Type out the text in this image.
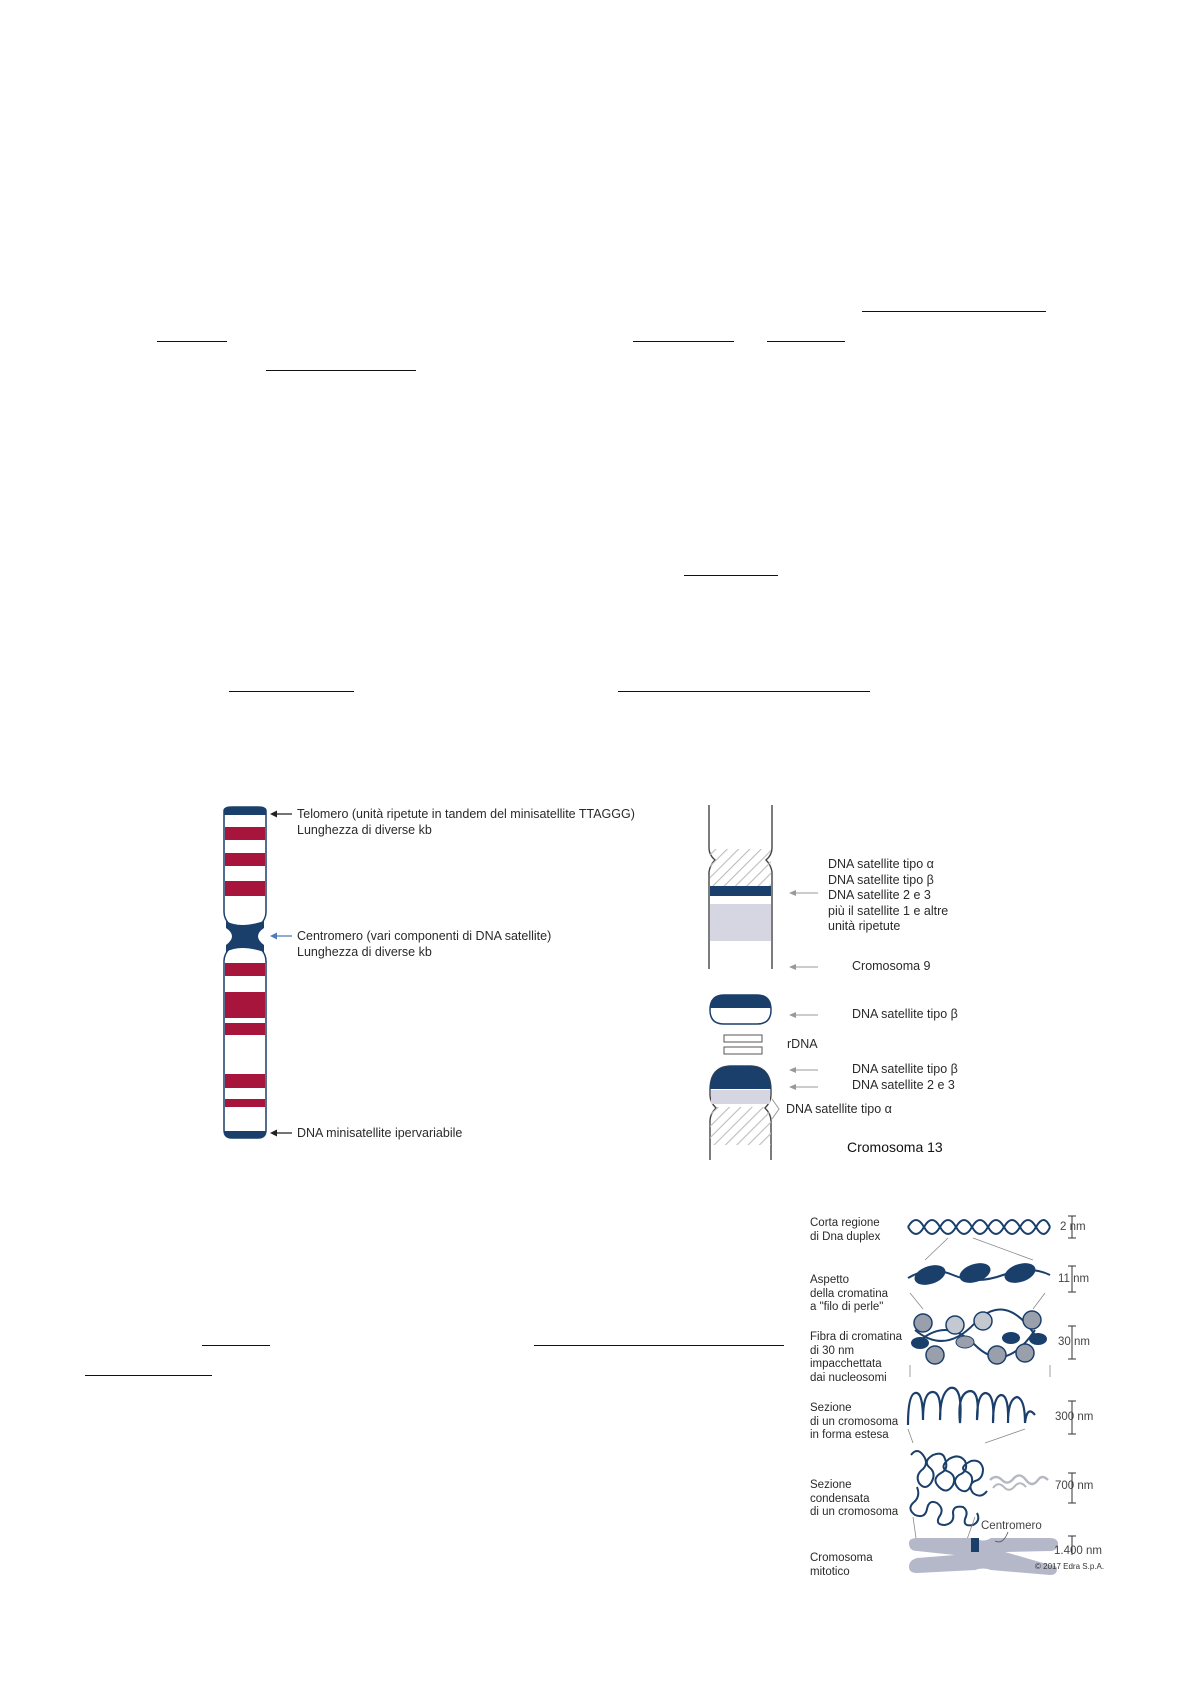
Telomero (unità ripetute in tandem del minisatellite TTAGGG)
Lunghezza di diverse kb
Centromero (vari componenti di DNA satellite)
Lunghezza di diverse kb
DNA minisatellite ipervariabile
DNA satellite tipo α
DNA satellite tipo β
DNA satellite 2 e 3
più il satellite 1 e altre
unità ripetute
Cromosoma 9
DNA satellite tipo β
rDNA
DNA satellite tipo β
DNA satellite 2 e 3
DNA satellite tipo α
Cromosoma 13
Corta regione
di Dna duplex
Aspetto
della cromatina
a "filo di perle"
Fibra di cromatina
di 30 nm
impacchettata
dai nucleosomi
Sezione
di un cromosoma
in forma estesa
Sezione
condensata
di un cromosoma
Cromosoma
mitotico
2 nm
11 nm
30 nm
300 nm
700 nm
1.400 nm
Centromero
© 2017 Edra S.p.A.
